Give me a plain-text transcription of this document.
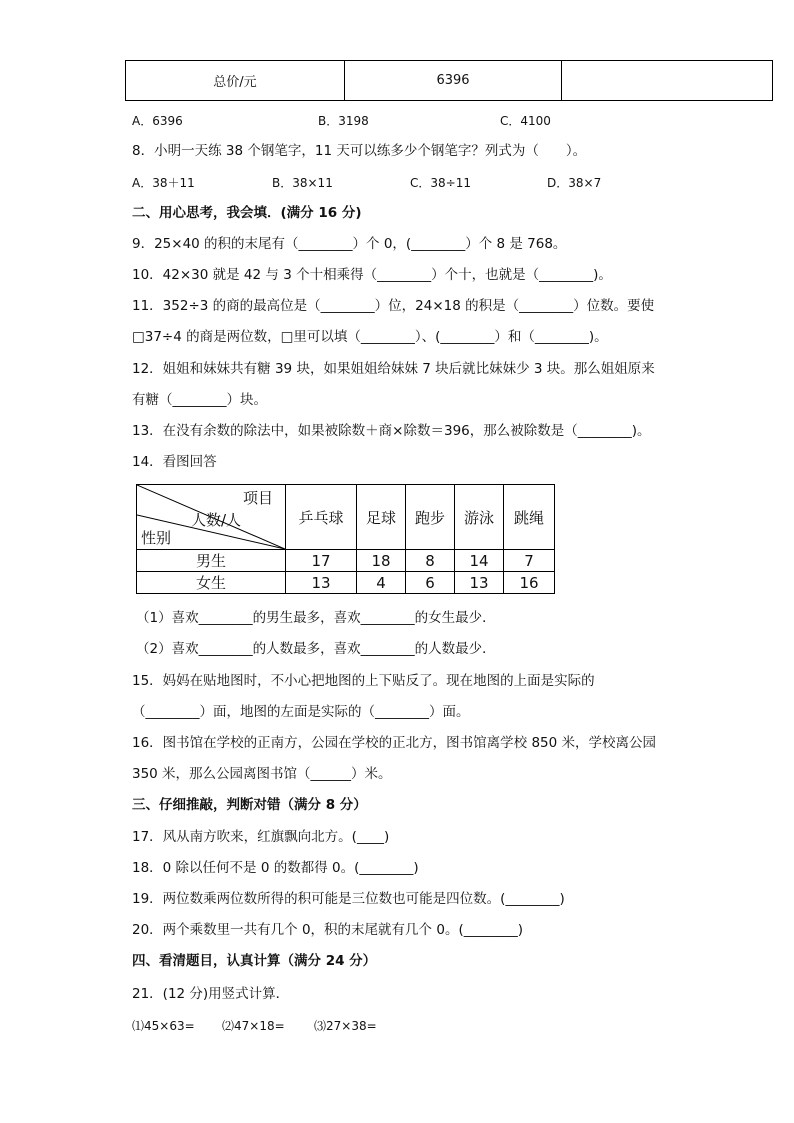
总价/元	6396	
A．6396	B．3198	C．4100
8．小明一天练 38 个钢笔字，11 天可以练多少个钢笔字？列式为（　　）。
A．38＋11	B．38×11	C．38÷11	D．38×7
二、用心思考，我会填．(满分 16 分)
9．25×40 的积的末尾有（________）个 0，(________）个 8 是 768。
10．42×30 就是 42 与 3 个十相乘得（________）个十，也就是（________)。
11．352÷3 的商的最高位是（________）位，24×18 的积是（________）位数。要使
□37÷4 的商是两位数，□里可以填（________）、(________）和（________)。
12．姐姐和妹妹共有糖 39 块，如果姐姐给妹妹 7 块后就比妹妹少 3 块。那么姐姐原来
有糖（________）块。
13．在没有余数的除法中，如果被除数＋商×除数＝396，那么被除数是（________)。
14．看图回答
项目
人数/人
性别	乒乓球	足球	跑步	游泳	跳绳
男生	17	18	8	14	7
女生	13	4	6	13	16
（1）喜欢________的男生最多，喜欢________的女生最少．
（2）喜欢________的人数最多，喜欢________的人数最少．
15．妈妈在贴地图时，不小心把地图的上下贴反了。现在地图的上面是实际的
（________）面，地图的左面是实际的（________）面。
16．图书馆在学校的正南方，公园在学校的正北方，图书馆离学校 850 米，学校离公园
350 米，那么公园离图书馆（______）米。
三、仔细推敲，判断对错（满分 8 分）
17．风从南方吹来，红旗飘向北方。(____)
18．0 除以任何不是 0 的数都得 0。(________)
19．两位数乘两位数所得的积可能是三位数也可能是四位数。(________)
20．两个乘数里一共有几个 0，积的末尾就有几个 0。(________)
四、看清题目，认真计算（满分 24 分）
21．(12 分)用竖式计算．
⑴45×63= ⑵47×18= ⑶27×38=
